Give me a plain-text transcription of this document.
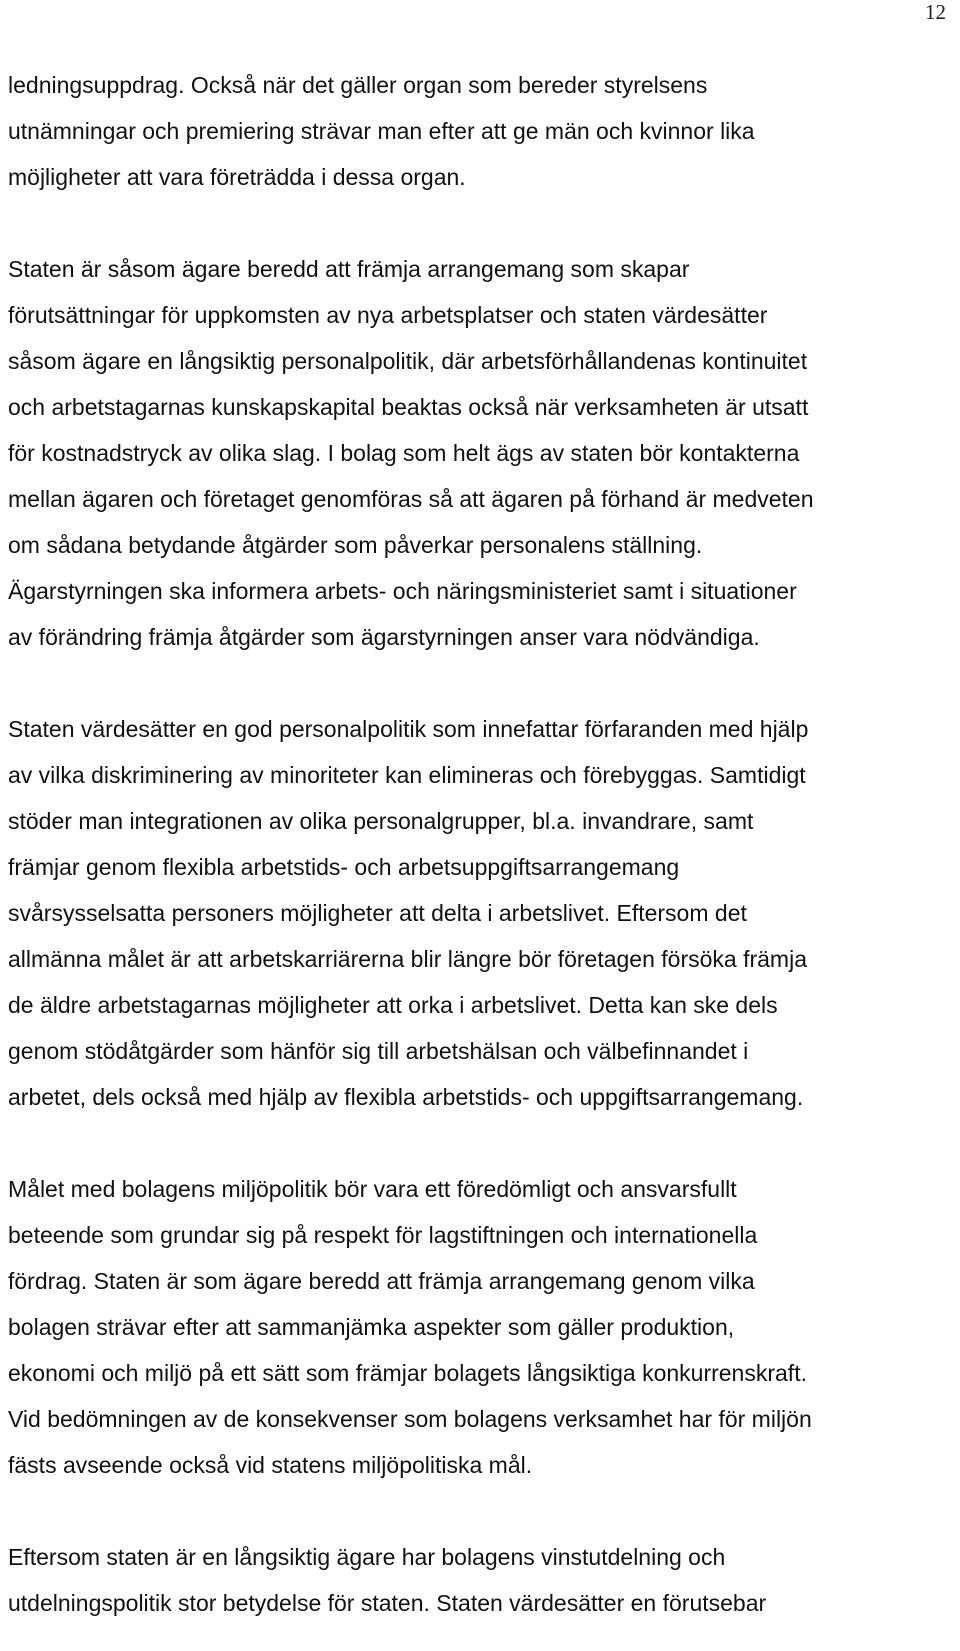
12

ledningsuppdrag. Också när det gäller organ som bereder styrelsens
utnämningar och premiering strävar man efter att ge män och kvinnor lika
möjligheter att vara företrädda i dessa organ.

Staten är såsom ägare beredd att främja arrangemang som skapar
förutsättningar för uppkomsten av nya arbetsplatser och staten värdesätter
såsom ägare en långsiktig personalpolitik, där arbetsförhållandenas kontinuitet
och arbetstagarnas kunskapskapital beaktas också när verksamheten är utsatt
för kostnadstryck av olika slag. I bolag som helt ägs av staten bör kontakterna
mellan ägaren och företaget genomföras så att ägaren på förhand är medveten
om sådana betydande åtgärder som påverkar personalens ställning.
Ägarstyrningen ska informera arbets- och näringsministeriet samt i situationer
av förändring främja åtgärder som ägarstyrningen anser vara nödvändiga.

Staten värdesätter en god personalpolitik som innefattar förfaranden med hjälp
av vilka diskriminering av minoriteter kan elimineras och förebyggas. Samtidigt
stöder man integrationen av olika personalgrupper, bl.a. invandrare, samt
främjar genom flexibla arbetstids- och arbetsuppgiftsarrangemang
svårsysselsatta personers möjligheter att delta i arbetslivet. Eftersom det
allmänna målet är att arbetskarriärerna blir längre bör företagen försöka främja
de äldre arbetstagarnas möjligheter att orka i arbetslivet. Detta kan ske dels
genom stödåtgärder som hänför sig till arbetshälsan och välbefinnandet i
arbetet, dels också med hjälp av flexibla arbetstids- och uppgiftsarrangemang.

Målet med bolagens miljöpolitik bör vara ett föredömligt och ansvarsfullt
beteende som grundar sig på respekt för lagstiftningen och internationella
fördrag. Staten är som ägare beredd att främja arrangemang genom vilka
bolagen strävar efter att sammanjämka aspekter som gäller produktion,
ekonomi och miljö på ett sätt som främjar bolagets långsiktiga konkurrenskraft.
Vid bedömningen av de konsekvenser som bolagens verksamhet har för miljön
fästs avseende också vid statens miljöpolitiska mål.

Eftersom staten är en långsiktig ägare har bolagens vinstutdelning och
utdelningspolitik stor betydelse för staten. Staten värdesätter en förutsebar
